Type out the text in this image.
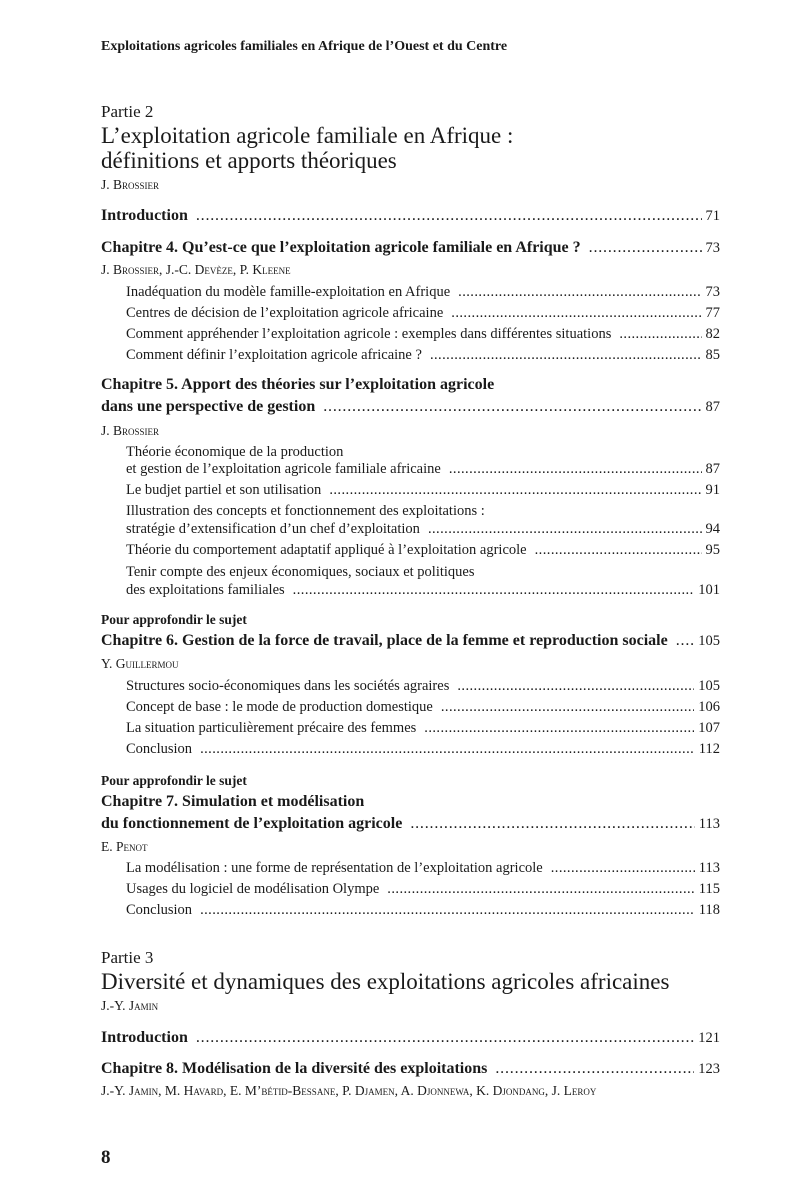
Exploitations agricoles familiales en Afrique de l’Ouest et du Centre
Partie 2
L’exploitation agricole familiale en Afrique :
définitions et apports théoriques
J. Brossier
Introduction . . .	71
Chapitre 4. Qu’est-ce que l’exploitation agricole familiale en Afrique ? . . .	73
J. Brossier, J.-C. Devèze, P. Kleene
Inadéquation du modèle famille-exploitation en Afrique . . .	73
Centres de décision de l’exploitation agricole africaine . . .	77
Comment appréhender l’exploitation agricole : exemples dans différentes situations . . .	82
Comment définir l’exploitation agricole africaine ? . . .	85
Chapitre 5. Apport des théories sur l’exploitation agricole
dans une perspective de gestion . . .	87
J. Brossier
Théorie économique de la production
et gestion de l’exploitation agricole familiale africaine . . .	87
Le budjet partiel et son utilisation . . .	91
Illustration des concepts et fonctionnement des exploitations :
stratégie d’extensification d’un chef d’exploitation . . .	94
Théorie du comportement adaptatif appliqué à l’exploitation agricole . . .	95
Tenir compte des enjeux économiques, sociaux et politiques
des exploitations familiales . . .	101
Pour approfondir le sujet
Chapitre 6. Gestion de la force de travail, place de la femme et reproduction sociale . . . 105
Y. Guillermou
Structures socio-économiques dans les sociétés agraires . . .	105
Concept de base : le mode de production domestique . . .	106
La situation particulièrement précaire des femmes . . .	107
Conclusion . . .	112
Pour approfondir le sujet
Chapitre 7. Simulation et modélisation
du fonctionnement de l’exploitation agricole . . .	113
E. Penot
La modélisation : une forme de représentation de l’exploitation agricole . . .	113
Usages du logiciel de modélisation Olympe . . .	115
Conclusion . . .	118
Partie 3
Diversité et dynamiques des exploitations agricoles africaines
J.-Y. Jamin
Introduction . . .	121
Chapitre 8. Modélisation de la diversité des exploitations . . .	123
J.-Y. Jamin, M. Havard, E. M’bétid-Bessane, P. Djamen, A. Djonnewa, K. Djondang, J. Leroy
8
